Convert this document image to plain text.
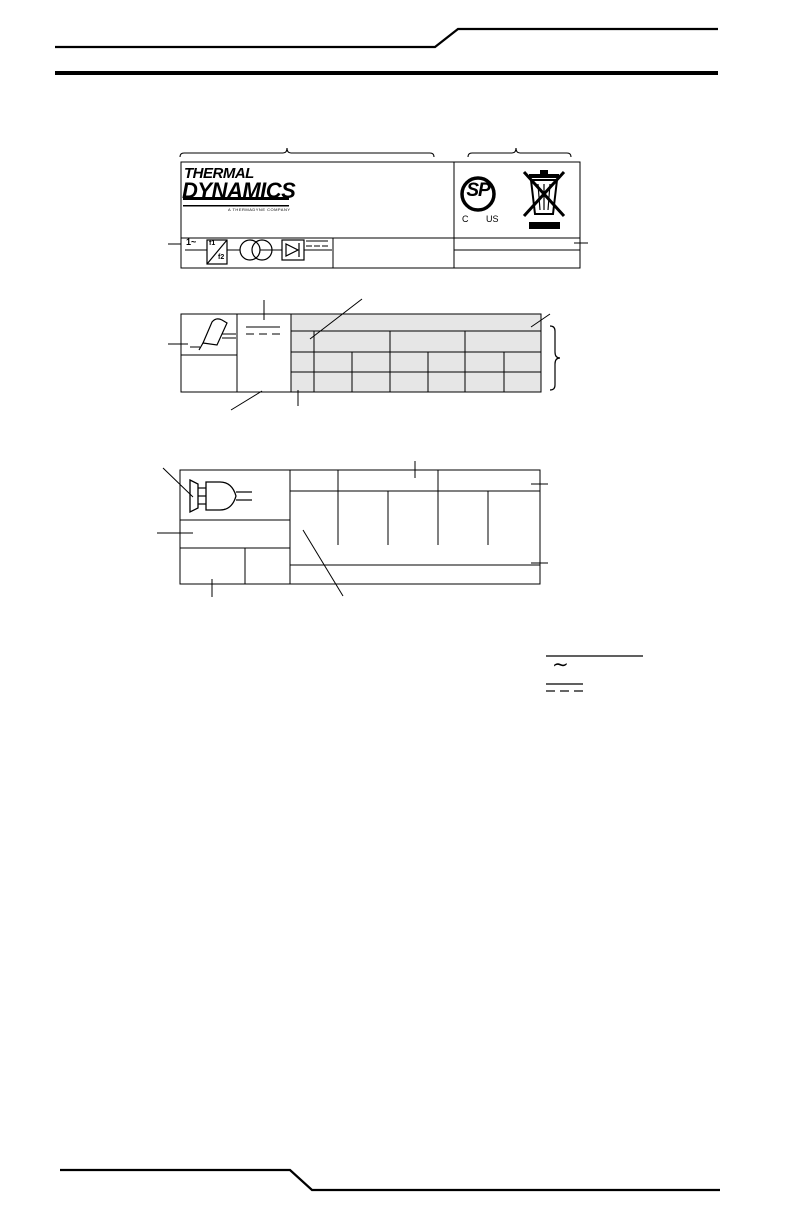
THERMAL
DYNAMICS
A THERMADYNE COMPANY
1~ f1
f2
SP
C US
∼
